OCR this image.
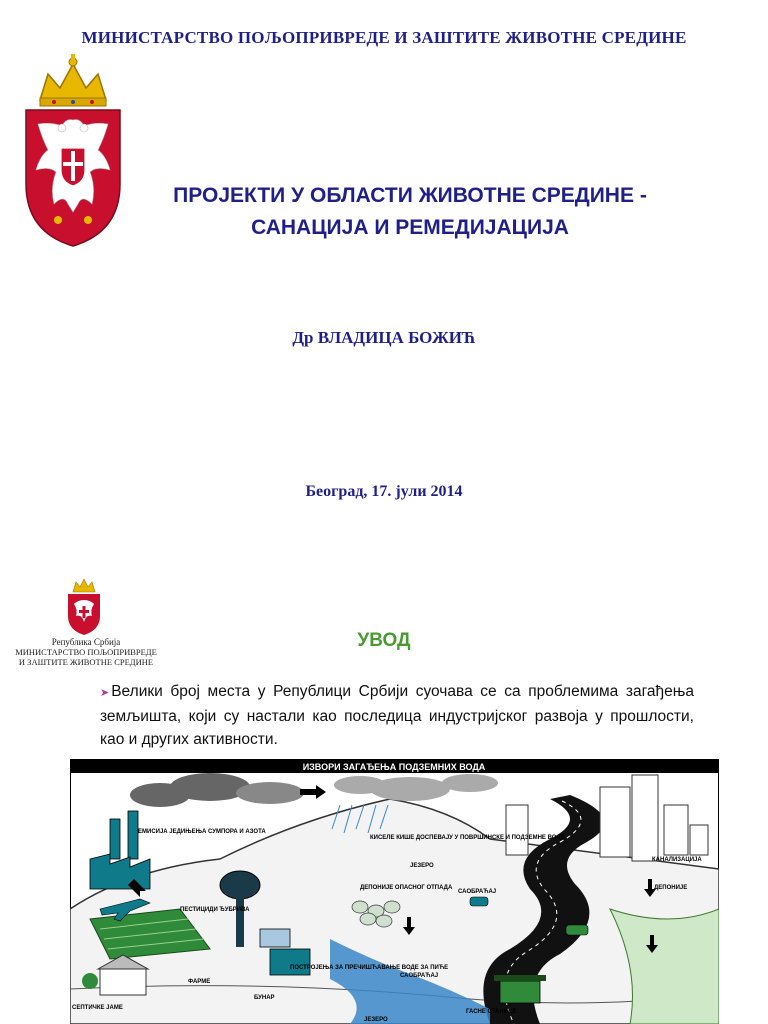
МИНИСТАРСТВО ПОЉОПРИВРЕДЕ И ЗАШТИТЕ ЖИВОТНЕ СРЕДИНЕ
ПРОЈЕКТИ У ОБЛАСТИ ЖИВОТНЕ СРЕДИНЕ -
САНАЦИЈА И РЕМЕДИЈАЦИЈА
Др ВЛАДИЦА БОЖИЋ
Београд, 17. јули 2014
Република Србија
МИНИСТАРСТВО ПОЉОПРИВРЕДЕ
И ЗАШТИТЕ ЖИВОТНЕ СРЕДИНЕ
УВОД
➤ Велики број места у Републици Србији суочава се са проблемима загађења земљишта, који су настали као последица индустријског развоја у прошлости, као и других активности.
ИЗВОРИ ЗАГАЂЕЊА ПОДЗЕМНИХ ВОДА
ЕМИСИЈА ЈЕДИЊЕЊА СУМПОРА И АЗОТА
КИСЕЛЕ КИШЕ ДОСПЕВАЈУ У ПОВРШИНСКЕ И ПОДЗЕМНЕ ВОДЕ
ЈЕЗЕРО
ПЕСТИЦИДИ ЂУБРИВА
ДЕПОНИЈЕ ОПАСНОГ ОТПАДА
САОБРАЋАЈ
КАНАЛИЗАЦИЈА
ДЕПОНИЈЕ
ФАРМЕ
ПОСТРОЈЕЊА ЗА ПРЕЧИШЋАВАЊЕ ВОДЕ ЗА ПИЋЕ
САОБРАЋАЈ
БУНАР
СЕПТИЧКЕ ЈАМЕ
ЈЕЗЕРО
ГАСНЕ СТАНИЦЕ
